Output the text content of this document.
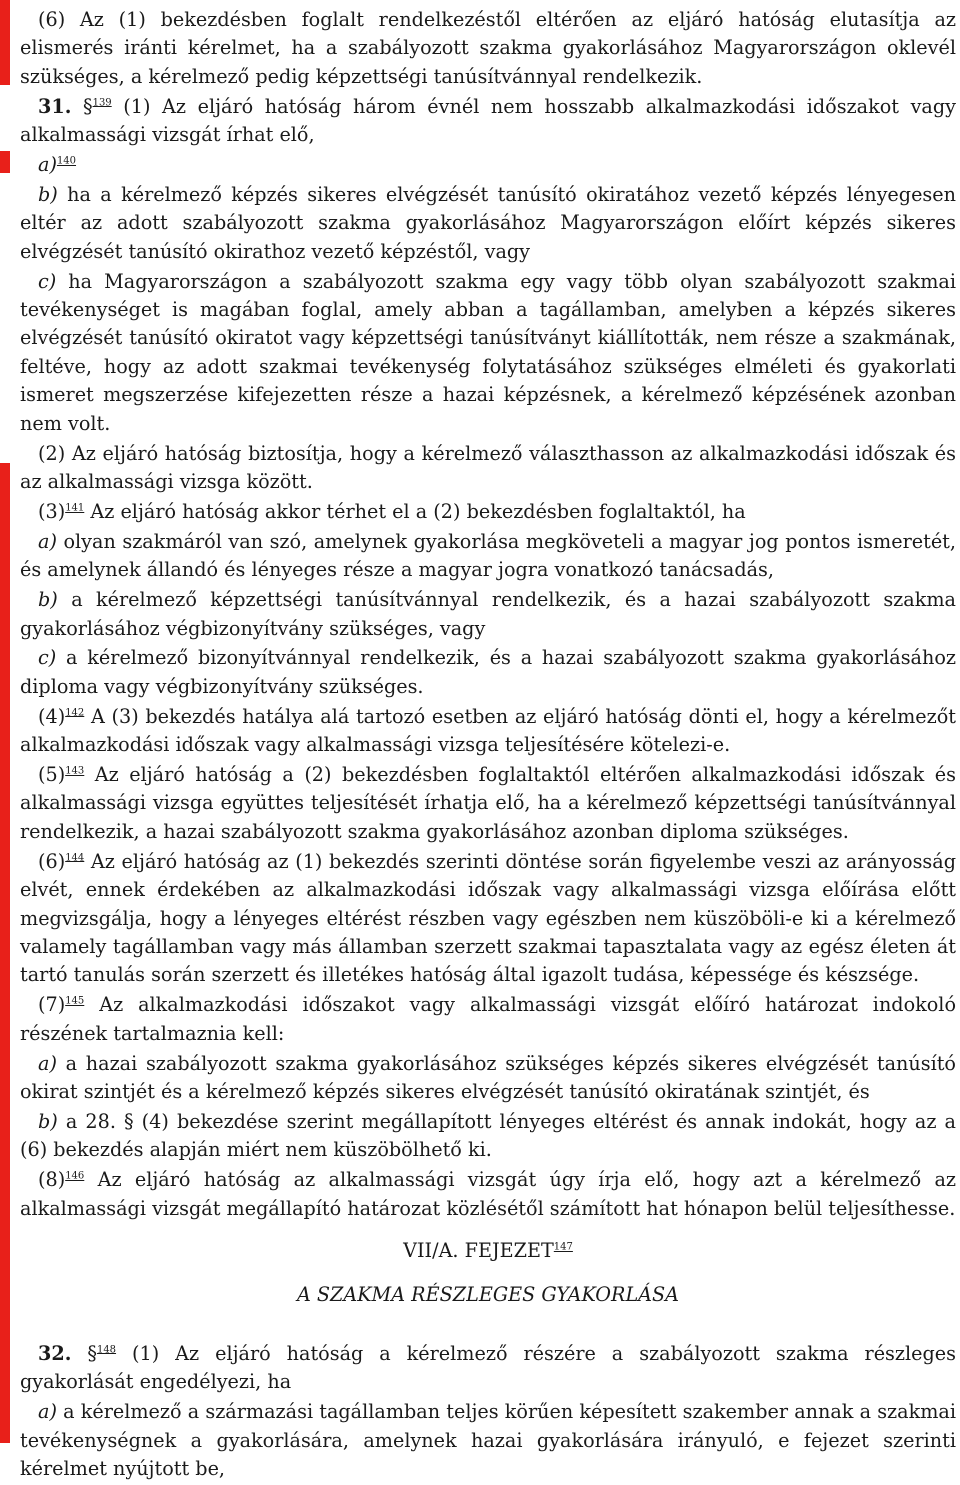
(6) Az (1) bekezdésben foglalt rendelkezéstől eltérően az eljáró hatóság elutasítja az elismerés iránti kérelmet, ha a szabályozott szakma gyakorlásához Magyarországon oklevél szükséges, a kérelmező pedig képzettségi tanúsítvánnyal rendelkezik.

31. §$^{139}$ (1) Az eljáró hatóság három évnél nem hosszabb alkalmazkodási időszakot vagy alkalmassági vizsgát írhat elő,

a)$^{140}$

b) ha a kérelmező képzés sikeres elvégzését tanúsító okiratához vezető képzés lényegesen eltér az adott szabályozott szakma gyakorlásához Magyarországon előírt képzés sikeres elvégzését tanúsító okirathoz vezető képzéstől, vagy

c) ha Magyarországon a szabályozott szakma egy vagy több olyan szabályozott szakmai tevékenységet is magában foglal, amely abban a tagállamban, amelyben a képzés sikeres elvégzését tanúsító okiratot vagy képzettségi tanúsítványt kiállították, nem része a szakmának, feltéve, hogy az adott szakmai tevékenység folytatásához szükséges elméleti és gyakorlati ismeret megszerzése kifejezetten része a hazai képzésnek, a kérelmező képzésének azonban nem volt.

(2) Az eljáró hatóság biztosítja, hogy a kérelmező választhasson az alkalmazkodási időszak és az alkalmassági vizsga között.

(3)$^{141}$ Az eljáró hatóság akkor térhet el a (2) bekezdésben foglaltaktól, ha

a) olyan szakmáról van szó, amelynek gyakorlása megköveteli a magyar jog pontos ismeretét, és amelynek állandó és lényeges része a magyar jogra vonatkozó tanácsadás,

b) a kérelmező képzettségi tanúsítvánnyal rendelkezik, és a hazai szabályozott szakma gyakorlásához végbizonyítvány szükséges, vagy

c) a kérelmező bizonyítvánnyal rendelkezik, és a hazai szabályozott szakma gyakorlásához diploma vagy végbizonyítvány szükséges.

(4)$^{142}$ A (3) bekezdés hatálya alá tartozó esetben az eljáró hatóság dönti el, hogy a kérelmezőt alkalmazkodási időszak vagy alkalmassági vizsga teljesítésére kötelezi-e.

(5)$^{143}$ Az eljáró hatóság a (2) bekezdésben foglaltaktól eltérően alkalmazkodási időszak és alkalmassági vizsga együttes teljesítését írhatja elő, ha a kérelmező képzettségi tanúsítvánnyal rendelkezik, a hazai szabályozott szakma gyakorlásához azonban diploma szükséges.

(6)$^{144}$ Az eljáró hatóság az (1) bekezdés szerinti döntése során figyelembe veszi az arányosság elvét, ennek érdekében az alkalmazkodási időszak vagy alkalmassági vizsga előírása előtt megvizsgálja, hogy a lényeges eltérést részben vagy egészben nem küszöböli-e ki a kérelmező valamely tagállamban vagy más államban szerzett szakmai tapasztalata vagy az egész életen át tartó tanulás során szerzett és illetékes hatóság által igazolt tudása, képessége és készsége.

(7)$^{145}$ Az alkalmazkodási időszakot vagy alkalmassági vizsgát előíró határozat indokoló részének tartalmaznia kell:

a) a hazai szabályozott szakma gyakorlásához szükséges képzés sikeres elvégzését tanúsító okirat szintjét és a kérelmező képzés sikeres elvégzését tanúsító okiratának szintjét, és

b) a 28. § (4) bekezdése szerint megállapított lényeges eltérést és annak indokát, hogy az a (6) bekezdés alapján miért nem küszöbölhető ki.

(8)$^{146}$ Az eljáró hatóság az alkalmassági vizsgát úgy írja elő, hogy azt a kérelmező az alkalmassági vizsgát megállapító határozat közlésétől számított hat hónapon belül teljesíthesse.

VII/A. FEJEZET$^{147}$

A SZAKMA RÉSZLEGES GYAKORLÁSA

32. §$^{148}$ (1) Az eljáró hatóság a kérelmező részére a szabályozott szakma részleges gyakorlását engedélyezi, ha

a) a kérelmező a származási tagállamban teljes körűen képesített szakember annak a szakmai tevékenységnek a gyakorlására, amelynek hazai gyakorlására irányuló, e fejezet szerinti kérelmet nyújtott be,
